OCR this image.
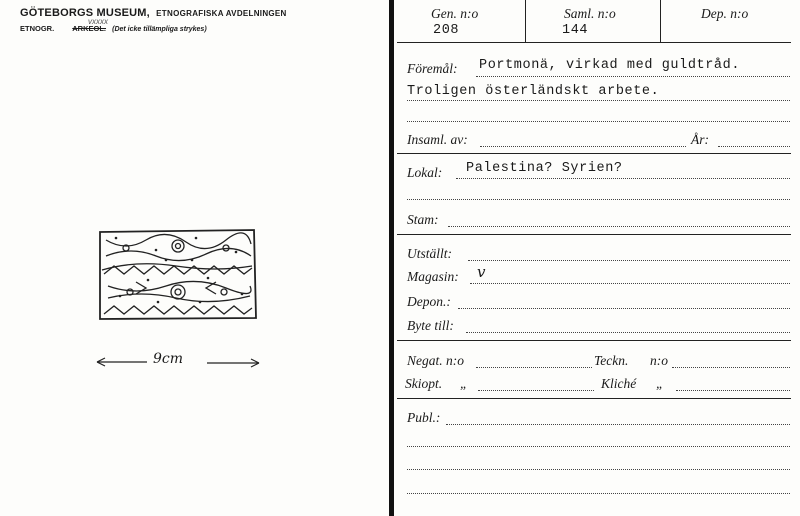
GÖTEBORGS MUSEUM, ETNOGRAFISKA AVDELNINGEN
vxxxx
ETNOGR. ARKEOL. (Det icke tillämpliga strykes)
9cm
Gen. n:o
208
Saml. n:o
144
Dep. n:o
Föremål: Portmonä, virkad med guldtråd.
Troligen österländskt arbete.
Insaml. av:	År:
Lokal: Palestina? Syrien?
Stam:
Utställt:
Magasin: v
Depon.:
Byte till:
Negat. n:o	Teckn. n:o
Skiopt. „	Kliché „
Publ.:
